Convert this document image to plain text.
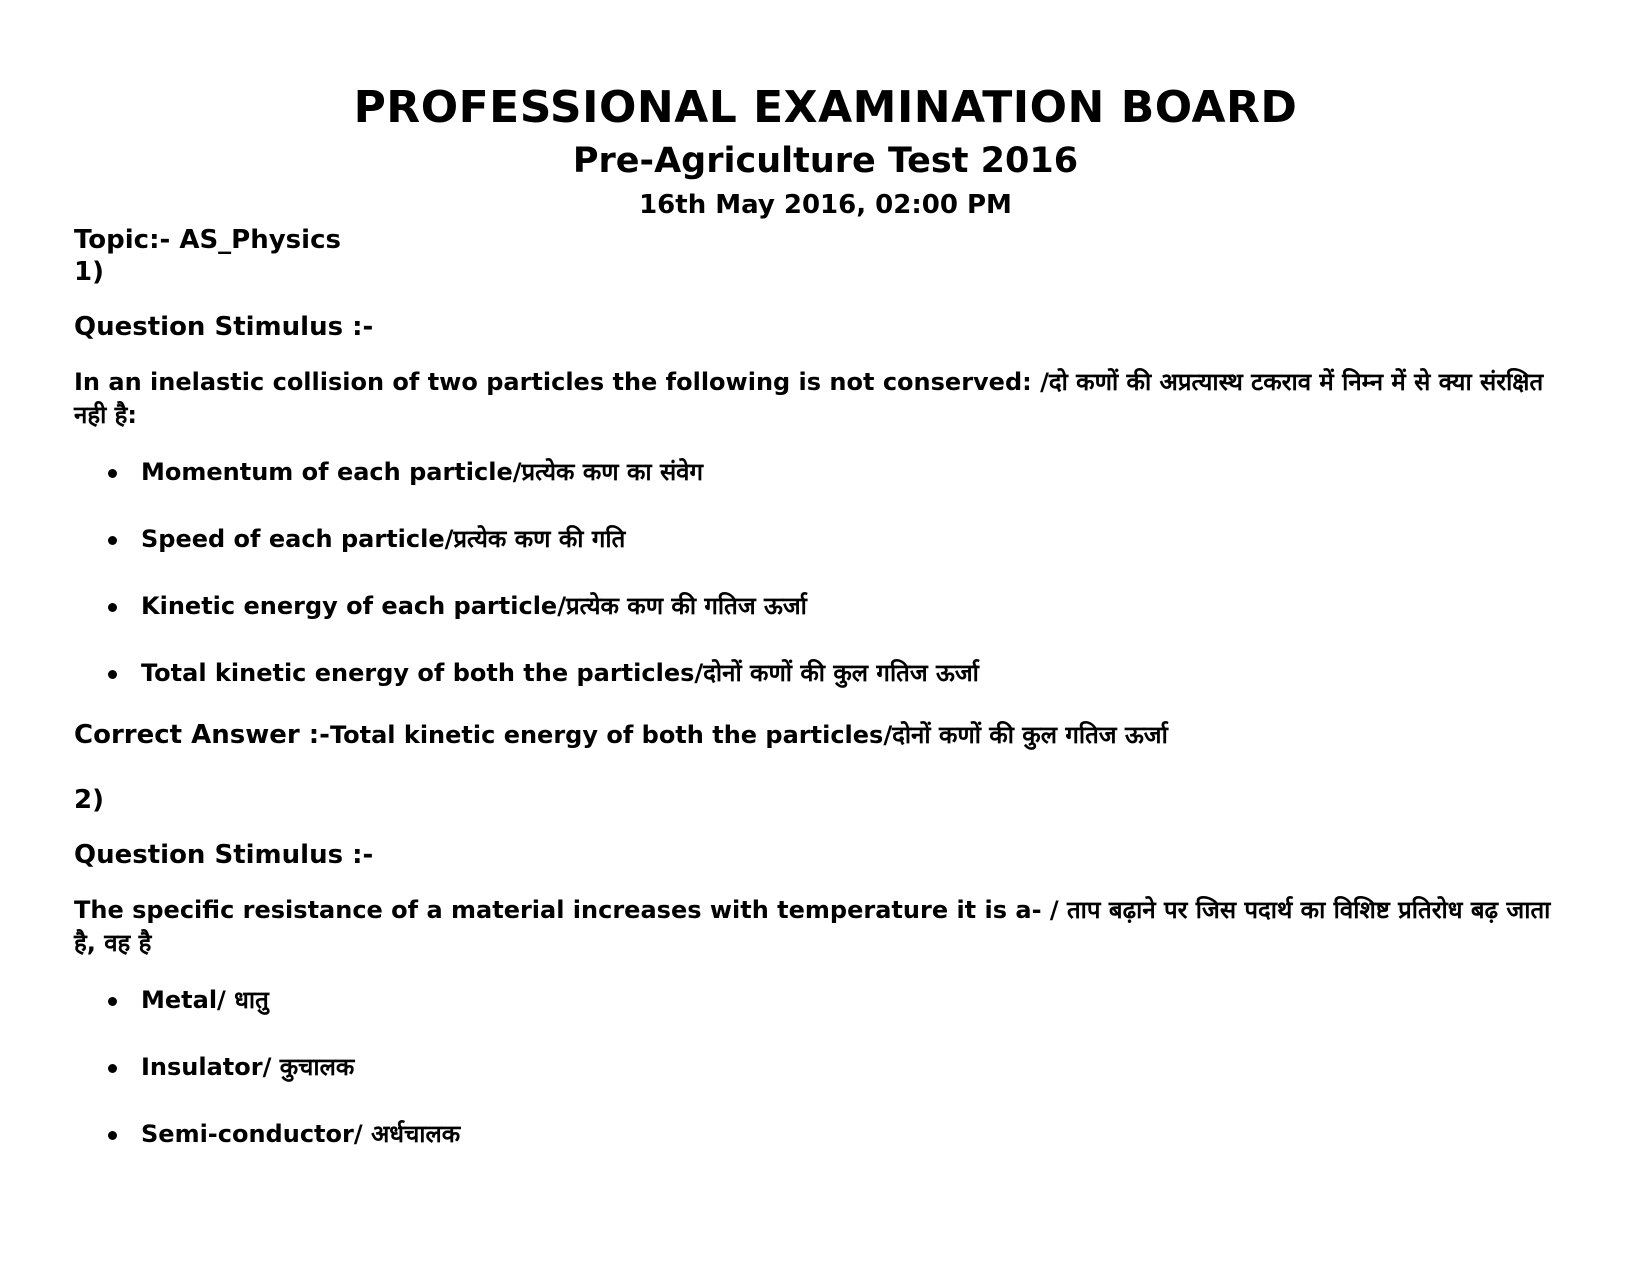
PROFESSIONAL EXAMINATION BOARD
Pre-Agriculture Test 2016
16th May 2016, 02:00 PM
Topic:- AS_Physics
1)
Question Stimulus :-
In an inelastic collision of two particles the following is not conserved: /दो कणों की अप्रत्यास्थ टकराव में निम्न में से क्या संरक्षित नही है:
Momentum of each particle/प्रत्येक कण का संवेग
Speed of each particle/प्रत्येक कण की गति
Kinetic energy of each particle/प्रत्येक कण की गतिज ऊर्जा
Total kinetic energy of both the particles/दोनों कणों की कुल गतिज ऊर्जा
Correct Answer :-Total kinetic energy of both the particles/दोनों कणों की कुल गतिज ऊर्जा
2)
Question Stimulus :-
The specific resistance of a material increases with temperature it is a- / ताप बढ़ाने पर जिस पदार्थ का विशिष्ट प्रतिरोध बढ़ जाता है, वह है
Metal/ धातु
Insulator/ कुचालक
Semi-conductor/ अर्धचालक
